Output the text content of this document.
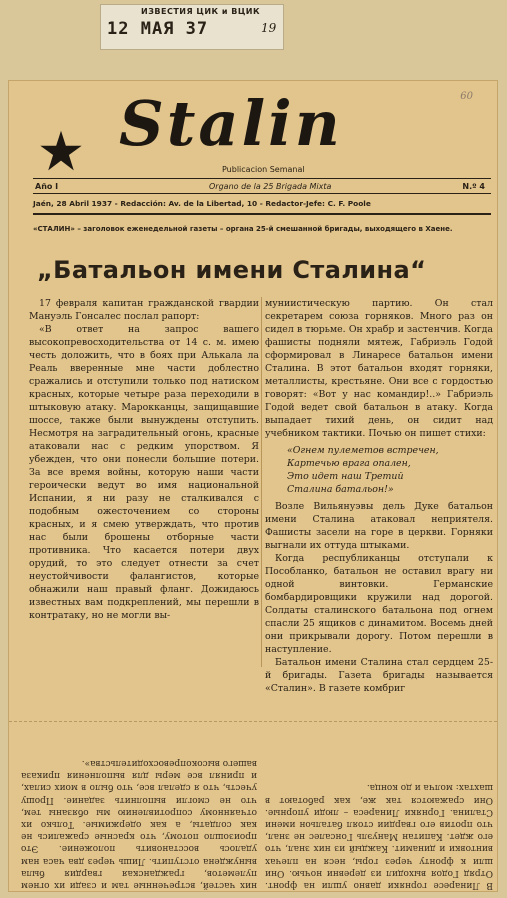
ИЗВЕСТИЯ ЦИК и ВЦИК
12 МАЯ 37	19
60
Stalin
Publicacion Semanal
Año I	Organo de la 25 Brigada Mixta	N.º 4
Jaén, 28 Abril 1937 - Redacción: Av. de la Libertad, 10 - Redactor-Jefe: C. F. Poole
«СТАЛИН» – заголовок еженедельной газеты – органа 25-й смешанной бригады, выходящего в Хаене.
„Батальон имени Сталина“

17 февраля капитан гражданской гвардии Мануэль Гонсалес послал рапорт:

«В ответ на запрос вашего высокопревосходительства от 14 с. м. имею честь доложить, что в боях при Алькала ла Реаль вверенные мне части доблестно сражались и отступили только под натиском красных, которые четыре раза переходили в штыковую атаку. Марокканцы, защищавшие шоссе, также были вынуждены отступить. Несмотря на заградительный огонь, красные атаковали нас с редким упорством. Я убежден, что они понесли большие потери. За все время войны, которую наши части героически ведут во имя национальной Испании, я ни разу не сталкивался с подобным ожесточением со стороны красных, и я смею утверждать, что против нас были брошены отборные части противника. Что касается потери двух орудий, то это следует отнести за счет неустойчивости фалангистов, которые обнажили наш правый фланг. Дожидаюсь известных вам подкреплений, мы перешли в контратаку, но не могли вы-

муниистическую партию. Он стал секретарем союза горняков. Много раз он сидел в тюрьме. Он храбр и застенчив. Когда фашисты подняли мятеж, Габриэль Годой сформировал в Линаресе батальон имени Сталина. В этот батальон входят горняки, металлисты, крестьяне. Они все с гордостью говорят: «Вот у нас командир!..» Габриэль Годой ведет свой батальон в атаку. Когда выпадает тихий день, он сидит над учебником тактики. Почью он пишет стихи:

«Огнем пулеметов встречен,
Картечью врага опален,
Это идет наш Третий
Сталина батальон!»

Возле Вильянуэвы дель Дуке батальон имени Сталина атаковал неприятеля. Фашисты засели на горе в церкви. Горняки выгнали их оттуда штыками.

Когда республиканцы отступали к Пособланко, батальон не оставил врагу ни одной винтовки. Германские бомбардировщики кружили над дорогой. Солдаты сталинского батальона под огнем спасли 25 ящиков с динамитом. Восемь дней они прикрывали дорогу. Потом перешли в наступление.

Батальон имени Сталина стал сердцем 25-й бригады. Газета бригады называется «Сталин». В газете комбриг

них частей, встреченные там и сзади их огнем пулеметов, гражданская гвардия была вынуждена отступить. Лишь через два часа нам удалось восстановить положение. Это произошло потому, что красные сражались не как солдаты, а как одержимые. Только их отчаянному сопротивлению мы обязаны тем, что не смогли выполнить задание. Прошу учесть, что я сделал все, что было в моих силах, и принял все меры для выполнения приказа вашего высокопревосходительства».
В Линаресе горняки давно ушли на фронт. Отряд Годоя выходил из деревни ночью. Они шли к фронту через горы, неся на плечах винтовки и динамит. Каждый из них знал, что его ждет. Капитан Мануэль Гонсалес не знал, что против его гвардии стоял батальон имени Сталина. Горняки Линареса – люди упорные. Они сражаются так же, как работают в шахтах: молча и до конца.
